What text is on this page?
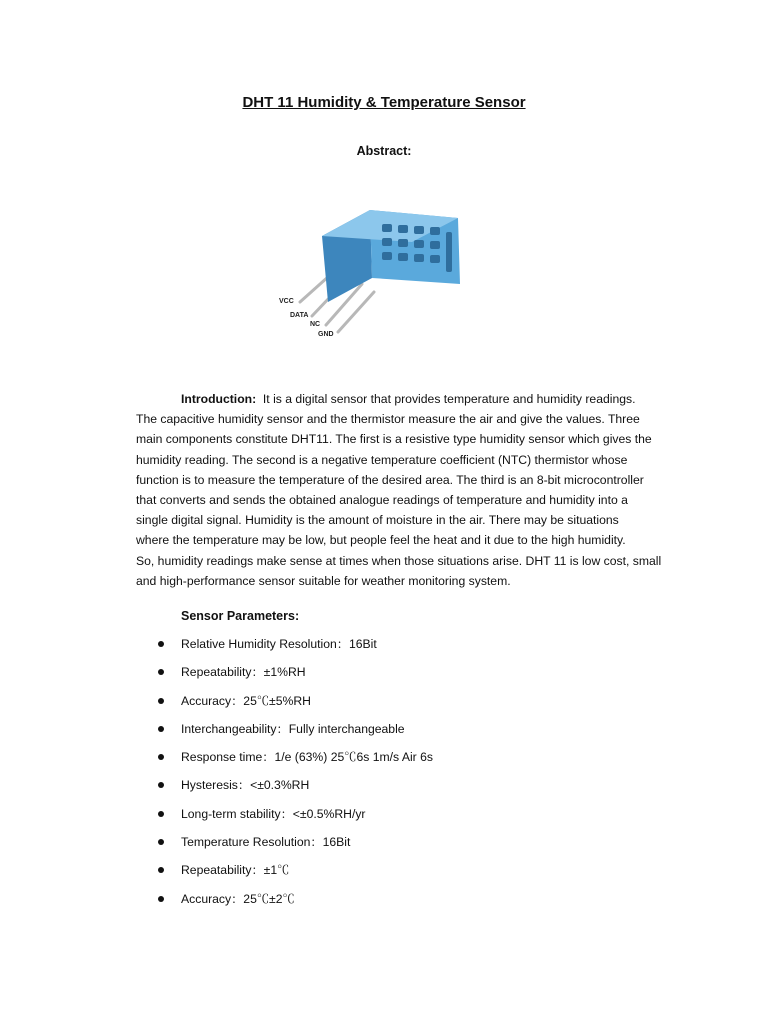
DHT 11 Humidity & Temperature Sensor
Abstract:
VCC
DATA
NC
GND
Introduction: It is a digital sensor that provides temperature and humidity readings.
The capacitive humidity sensor and the thermistor measure the air and give the values. Three
main components constitute DHT11. The first is a resistive type humidity sensor which gives the
humidity reading. The second is a negative temperature coefficient (NTC) thermistor whose
function is to measure the temperature of the desired area. The third is an 8-bit microcontroller
that converts and sends the obtained analogue readings of temperature and humidity into a
single digital signal. Humidity is the amount of moisture in the air. There may be situations
where the temperature may be low, but people feel the heat and it due to the high humidity.
So, humidity readings make sense at times when those situations arise. DHT 11 is low cost, small
and high-performance sensor suitable for weather monitoring system.
Sensor Parameters:
Relative Humidity Resolution：16Bit
Repeatability：±1%RH
Accuracy：25℃±5%RH
Interchangeability：Fully interchangeable
Response time：1/e (63%) 25℃6s 1m/s Air 6s
Hysteresis：<±0.3%RH
Long-term stability：<±0.5%RH/yr
Temperature Resolution：16Bit
Repeatability：±1℃
Accuracy：25℃±2℃
